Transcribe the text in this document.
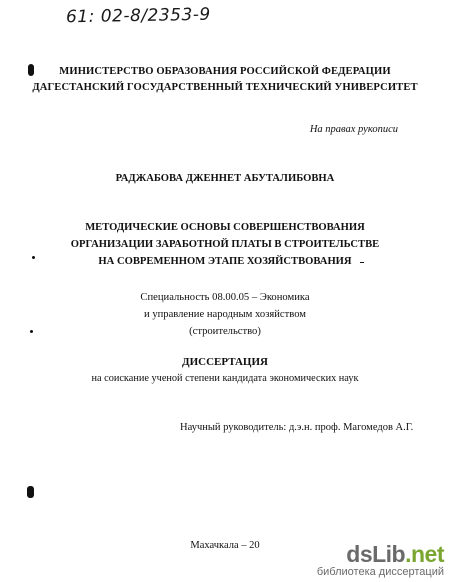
61: 02-8/2353-9
МИНИСТЕРСТВО ОБРАЗОВАНИЯ РОССИЙСКОЙ ФЕДЕРАЦИИ
ДАГЕСТАНСКИЙ ГОСУДАРСТВЕННЫЙ ТЕХНИЧЕСКИЙ УНИВЕРСИТЕТ
На правах рукописи
РАДЖАБОВА ДЖЕННЕТ АБУТАЛИБОВНА
МЕТОДИЧЕСКИЕ ОСНОВЫ СОВЕРШЕНСТВОВАНИЯ
ОРГАНИЗАЦИИ ЗАРАБОТНОЙ ПЛАТЫ В СТРОИТЕЛЬСТВЕ
НА СОВРЕМЕННОМ ЭТАПЕ ХОЗЯЙСТВОВАНИЯ
Специальность 08.00.05 – Экономика
и управление народным хозяйством
(строительство)
ДИССЕРТАЦИЯ
на соискание ученой степени кандидата экономических наук
Научный руководитель: д.э.н. проф. Магомедов А.Г.
Махачкала – 20	dsLib.net
библиотека диссертаций
